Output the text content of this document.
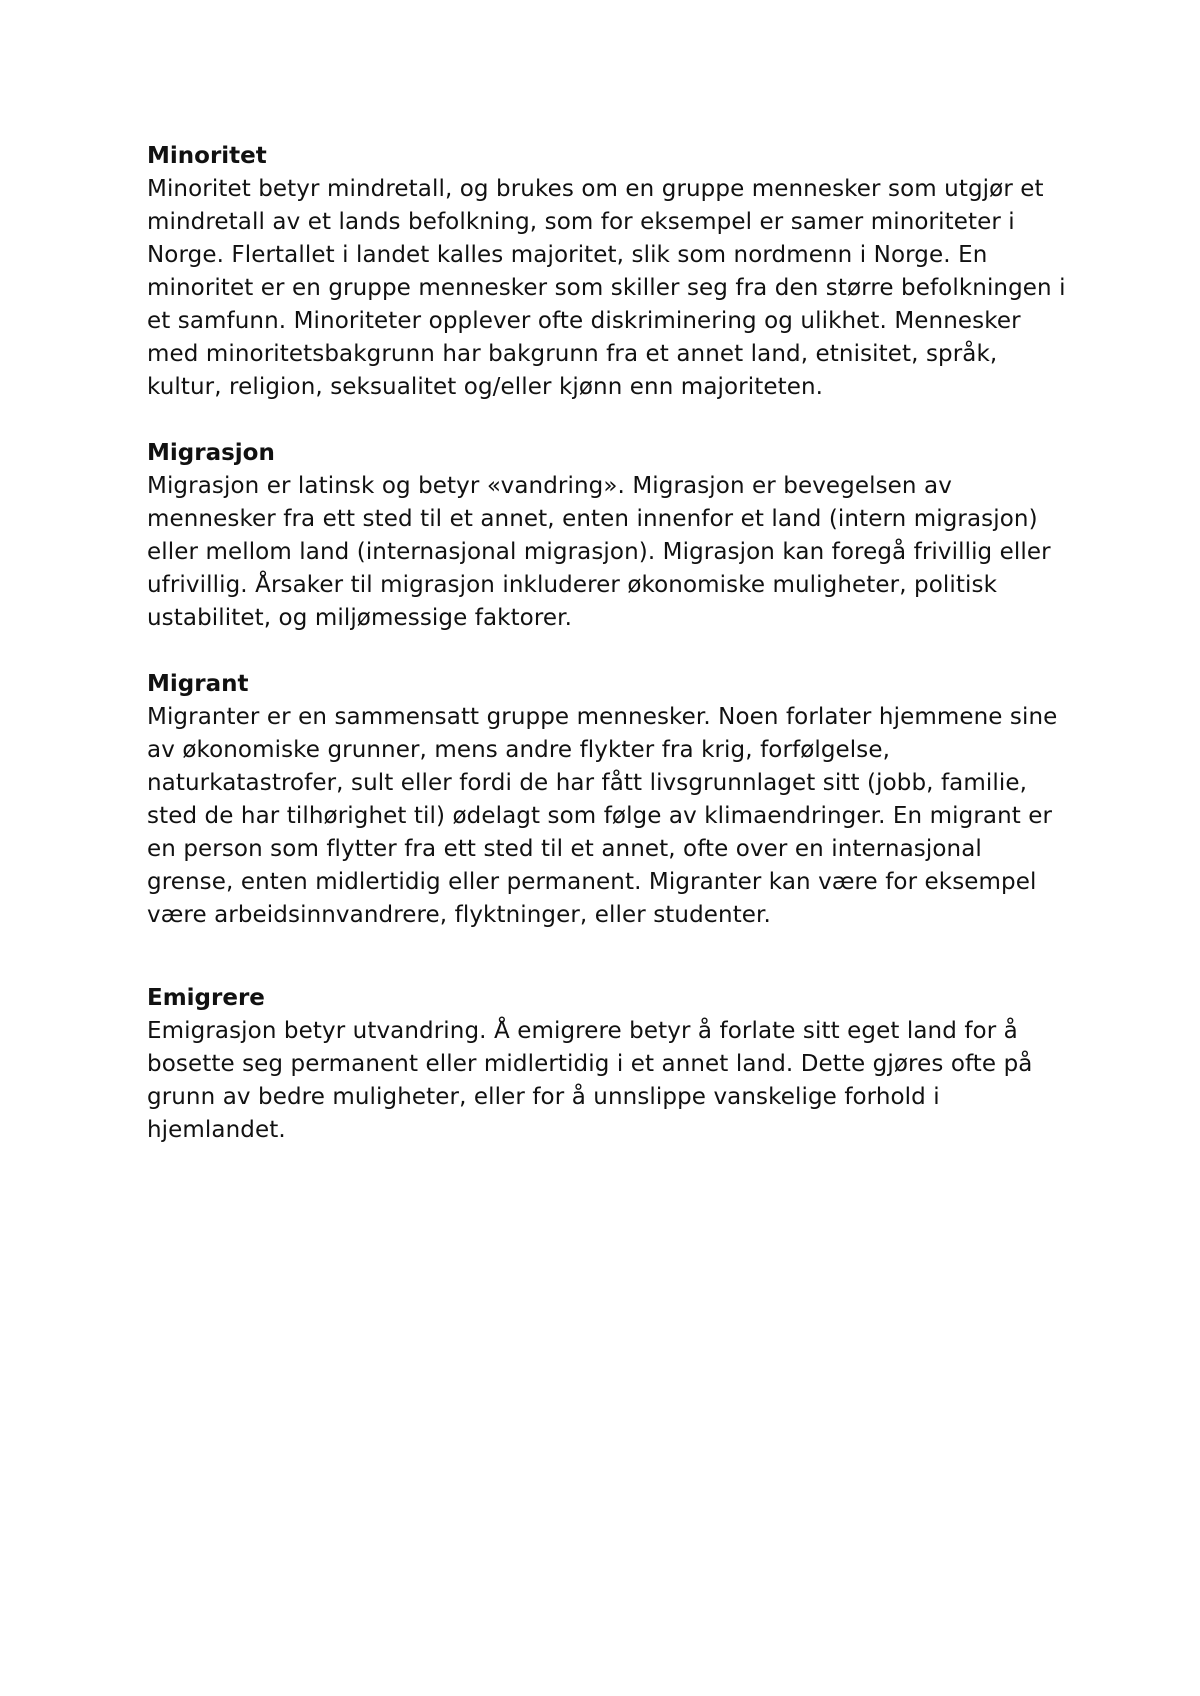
Minoritet

Minoritet betyr mindretall, og brukes om en gruppe mennesker som utgjør et mindretall av et lands befolkning, som for eksempel er samer minoriteter i Norge. Flertallet i landet kalles majoritet, slik som nordmenn i Norge. En minoritet er en gruppe mennesker som skiller seg fra den større befolkningen i et samfunn. Minoriteter opplever ofte diskriminering og ulikhet. Mennesker med minoritetsbakgrunn har bakgrunn fra et annet land, etnisitet, språk, kultur, religion, seksualitet og/eller kjønn enn majoriteten.

Migrasjon

Migrasjon er latinsk og betyr «vandring». Migrasjon er bevegelsen av mennesker fra ett sted til et annet, enten innenfor et land (intern migrasjon) eller mellom land (internasjonal migrasjon). Migrasjon kan foregå frivillig eller ufrivillig. Årsaker til migrasjon inkluderer økonomiske muligheter, politisk ustabilitet, og miljømessige faktorer.

Migrant

Migranter er en sammensatt gruppe mennesker. Noen forlater hjemmene sine av økonomiske grunner, mens andre flykter fra krig, forfølgelse, naturkatastrofer, sult eller fordi de har fått livsgrunnlaget sitt (jobb, familie, sted de har tilhørighet til) ødelagt som følge av klimaendringer. En migrant er en person som flytter fra ett sted til et annet, ofte over en internasjonal grense, enten midlertidig eller permanent. Migranter kan være for eksempel være arbeidsinnvandrere, flyktninger, eller studenter.

Emigrere

Emigrasjon betyr utvandring. Å emigrere betyr å forlate sitt eget land for å bosette seg permanent eller midlertidig i et annet land. Dette gjøres ofte på grunn av bedre muligheter, eller for å unnslippe vanskelige forhold i hjemlandet.
